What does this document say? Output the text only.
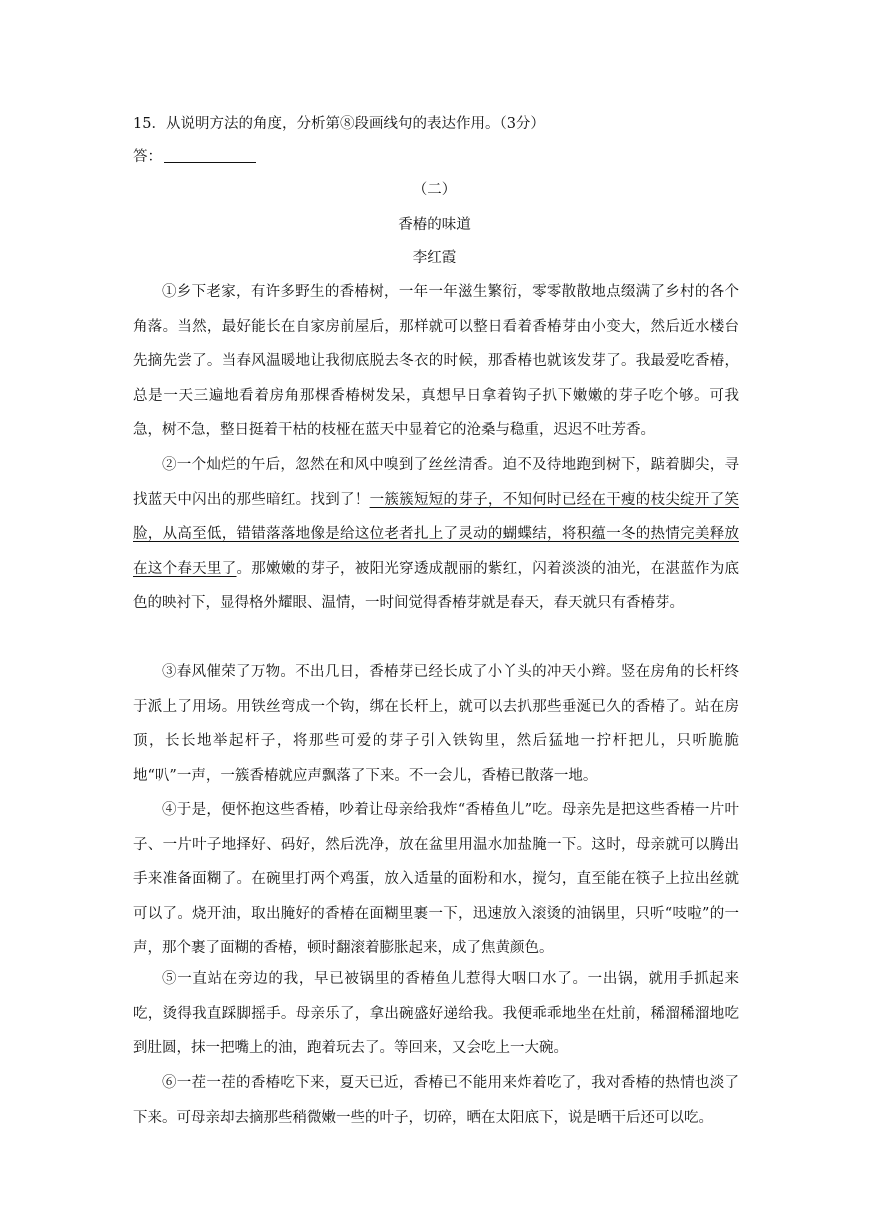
15．从说明方法的角度，分析第⑧段画线句的表达作用。（3分）
答：
（二）
香椿的味道
李红霞

①乡下老家，有许多野生的香椿树，一年一年滋生繁衍，零零散散地点缀满了乡村的各个角落。当然，最好能长在自家房前屋后，那样就可以整日看着香椿芽由小变大，然后近水楼台先摘先尝了。当春风温暖地让我彻底脱去冬衣的时候，那香椿也就该发芽了。我最爱吃香椿，总是一天三遍地看着房角那棵香椿树发呆，真想早日拿着钩子扒下嫩嫩的芽子吃个够。可我急，树不急，整日挺着干枯的枝桠在蓝天中显着它的沧桑与稳重，迟迟不吐芳香。

②一个灿烂的午后，忽然在和风中嗅到了丝丝清香。迫不及待地跑到树下，踮着脚尖，寻找蓝天中闪出的那些暗红。找到了！一簇簇短短的芽子，不知何时已经在干瘦的枝尖绽开了笑脸，从高至低，错错落落地像是给这位老者扎上了灵动的蝴蝶结，将积蕴一冬的热情完美释放在这个春天里了。那嫩嫩的芽子，被阳光穿透成靓丽的紫红，闪着淡淡的油光，在湛蓝作为底色的映衬下，显得格外耀眼、温情，一时间觉得香椿芽就是春天，春天就只有香椿芽。

③春风催荣了万物。不出几日，香椿芽已经长成了小丫头的冲天小辫。竖在房角的长杆终于派上了用场。用铁丝弯成一个钩，绑在长杆上，就可以去扒那些垂涎已久的香椿了。站在房顶，长长地举起杆子，将那些可爱的芽子引入铁钩里，然后猛地一拧杆把儿，只听脆脆地“叭”一声，一簇香椿就应声飘落了下来。不一会儿，香椿已散落一地。

④于是，便怀抱这些香椿，吵着让母亲给我炸“香椿鱼儿”吃。母亲先是把这些香椿一片叶子、一片叶子地择好、码好，然后洗净，放在盆里用温水加盐腌一下。这时，母亲就可以腾出手来准备面糊了。在碗里打两个鸡蛋，放入适量的面粉和水，搅匀，直至能在筷子上拉出丝就可以了。烧开油，取出腌好的香椿在面糊里裹一下，迅速放入滚烫的油锅里，只听“吱啦”的一声，那个裹了面糊的香椿，顿时翻滚着膨胀起来，成了焦黄颜色。

⑤一直站在旁边的我，早已被锅里的香椿鱼儿惹得大咽口水了。一出锅，就用手抓起来吃，烫得我直踩脚摇手。母亲乐了，拿出碗盛好递给我。我便乖乖地坐在灶前，稀溜稀溜地吃到肚圆，抹一把嘴上的油，跑着玩去了。等回来，又会吃上一大碗。

⑥一茬一茬的香椿吃下来，夏天已近，香椿已不能用来炸着吃了，我对香椿的热情也淡了下来。可母亲却去摘那些稍微嫩一些的叶子，切碎，晒在太阳底下，说是晒干后还可以吃。
